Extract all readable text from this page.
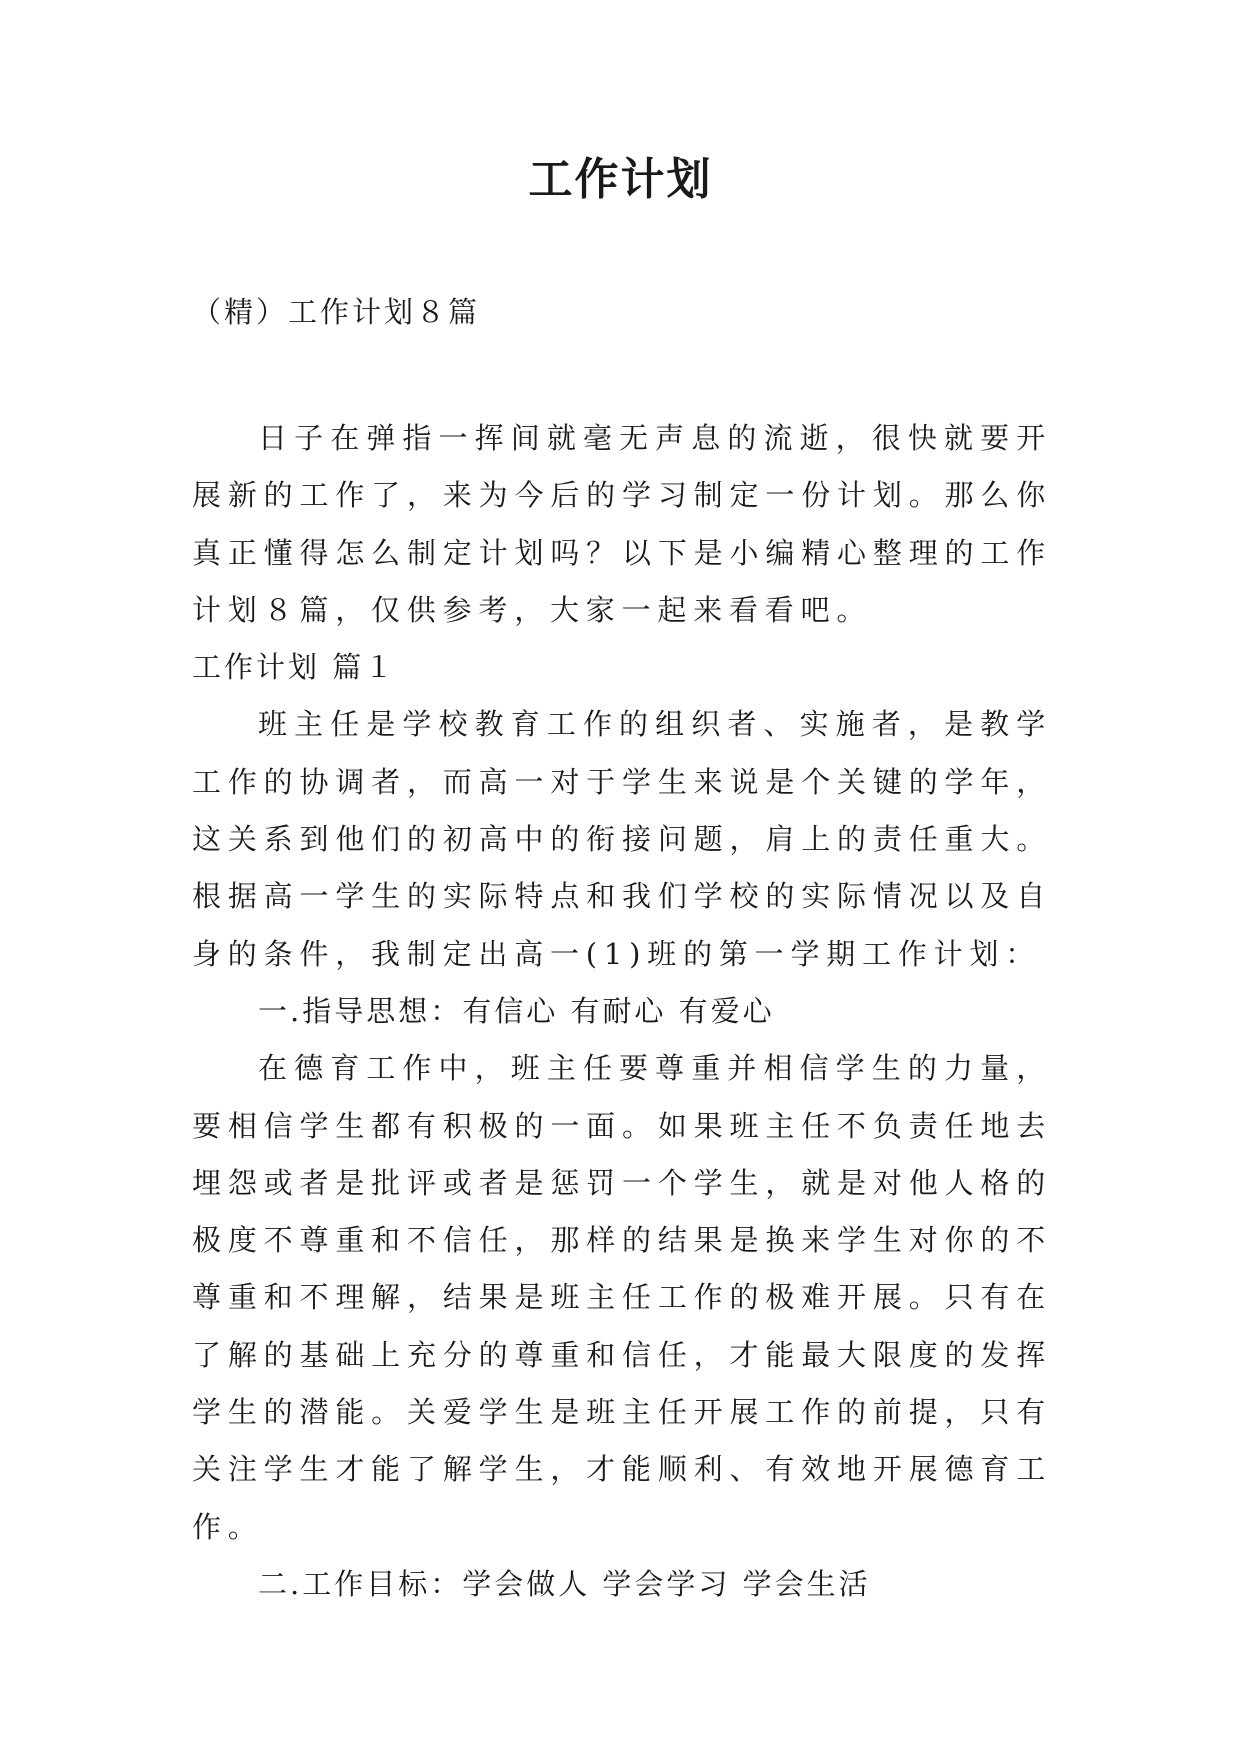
工作计划
（精）工作计划８篇

日子在弹指一挥间就毫无声息的流逝，很快就要开展新的工作了，来为今后的学习制定一份计划。那么你真正懂得怎么制定计划吗？以下是小编精心整理的工作计划８篇，仅供参考，大家一起来看看吧。

工作计划 篇１

班主任是学校教育工作的组织者、实施者，是教学工作的协调者，而高一对于学生来说是个关键的学年，这关系到他们的初高中的衔接问题，肩上的责任重大。根据高一学生的实际特点和我们学校的实际情况以及自身的条件，我制定出高一(1)班的第一学期工作计划：

一.指导思想：有信心 有耐心 有爱心

在德育工作中，班主任要尊重并相信学生的力量，要相信学生都有积极的一面。如果班主任不负责任地去埋怨或者是批评或者是惩罚一个学生，就是对他人格的极度不尊重和不信任，那样的结果是换来学生对你的不尊重和不理解，结果是班主任工作的极难开展。只有在了解的基础上充分的尊重和信任，才能最大限度的发挥学生的潜能。关爱学生是班主任开展工作的前提，只有关注学生才能了解学生，才能顺利、有效地开展德育工作。

二.工作目标：学会做人 学会学习 学会生活
